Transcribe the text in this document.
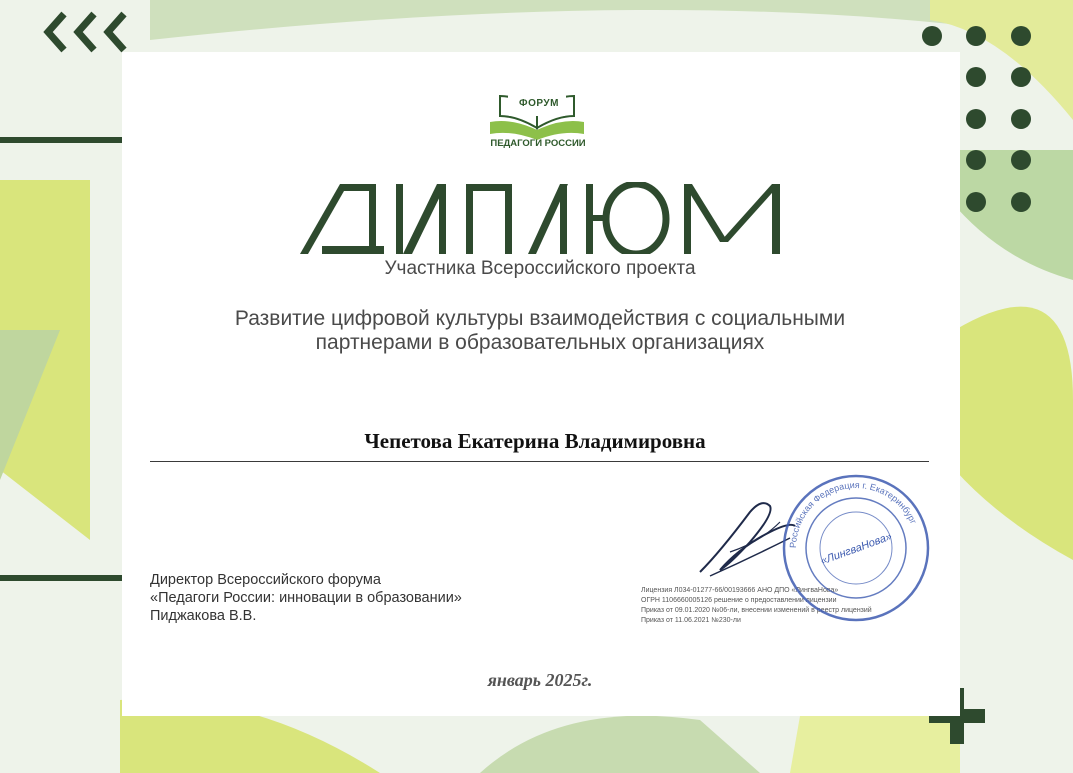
ФОРУМ
ПЕДАГОГИ РОССИИ
Участника Всероссийского проекта
Развитие цифровой культуры взаимодействия с социальными
партнерами в образовательных организациях
Чепетова Екатерина Владимировна
Директор Всероссийского форума
«Педагоги России: инновации в образовании»
Пиджакова В.В.
Лицензия Л034-01277-66/00193666 АНО ДПО «ЛингваНова»
ОГРН 1106660005126 решение о предоставлении лицензии
Приказ от 09.01.2020 №06-ли, внесении изменений в реестр лицензий
Приказ от 11.06.2021 №230-ли
Российская Федерация г. Екатеринбург
«ЛингваНова»
январь 2025г.
